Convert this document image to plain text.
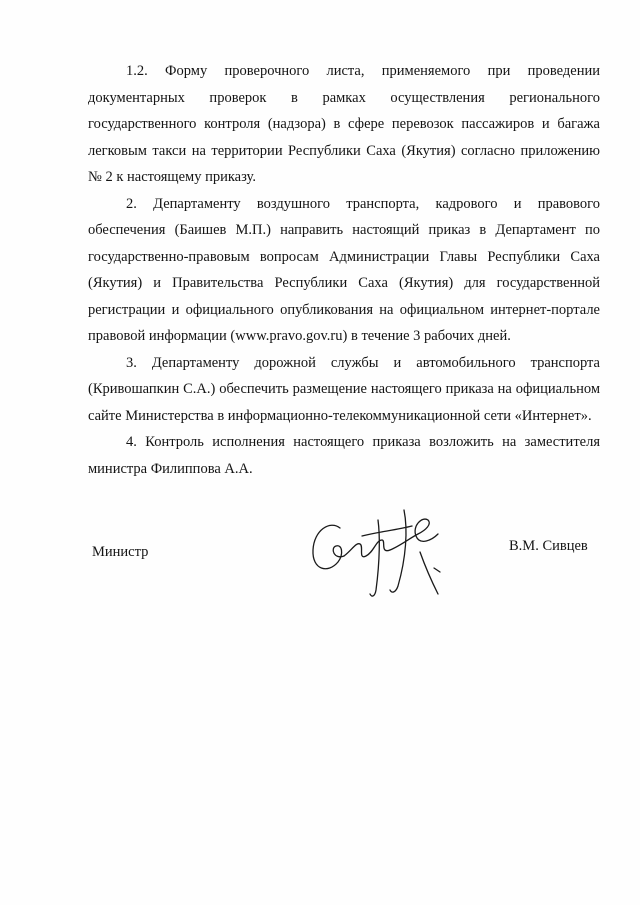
1.2. Форму проверочного листа, применяемого при проведении документарных проверок в рамках осуществления регионального государственного контроля (надзора) в сфере перевозок пассажиров и багажа легковым такси на территории Республики Саха (Якутия) согласно приложению № 2 к настоящему приказу.

2. Департаменту воздушного транспорта, кадрового и правового обеспечения (Баишев М.П.) направить настоящий приказ в Департамент по государственно-правовым вопросам Администрации Главы Республики Саха (Якутия) и Правительства Республики Саха (Якутия) для государственной регистрации и официального опубликования на официальном интернет-портале правовой информации (www.pravo.gov.ru) в течение 3 рабочих дней.

3. Департаменту дорожной службы и автомобильного транспорта (Кривошапкин С.А.) обеспечить размещение настоящего приказа на официальном сайте Министерства в информационно-телекоммуникационной сети «Интернет».

4. Контроль исполнения настоящего приказа возложить на заместителя министра Филиппова А.А.

Министр	В.М. Сивцев
